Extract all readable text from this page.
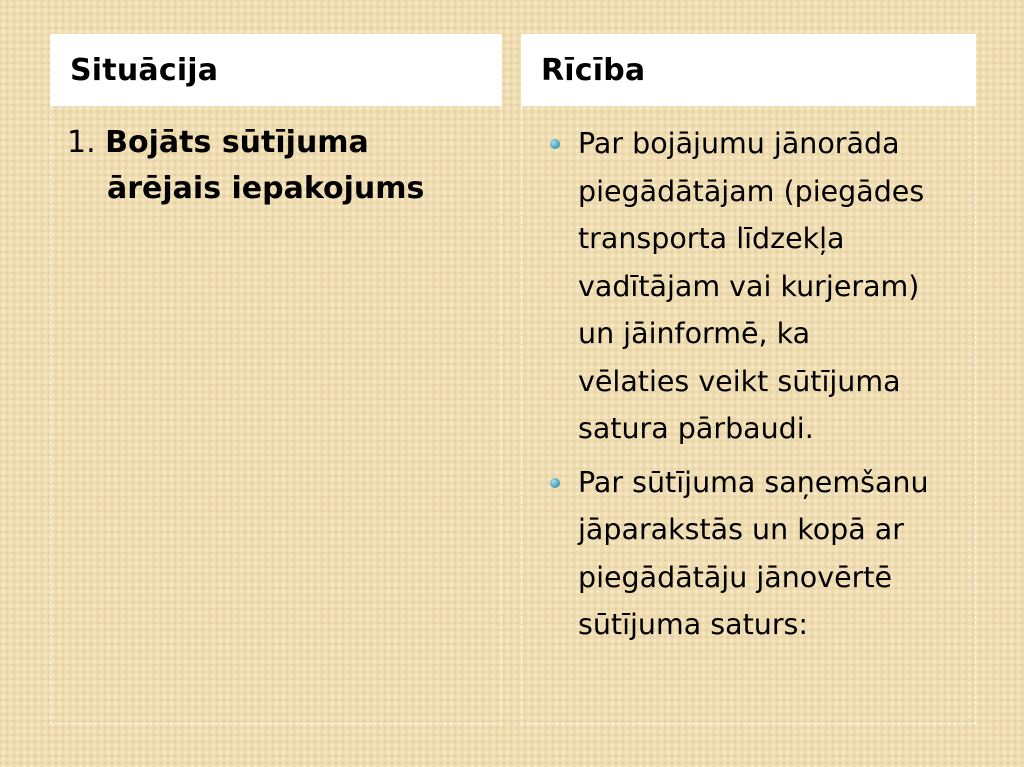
Situācija
1. Bojāts sūtījuma
ārējais iepakojums
Rīcība
Par bojājumu jānorāda
piegādātājam (piegādes
transporta līdzekļa
vadītājam vai kurjeram)
un jāinformē, ka
vēlaties veikt sūtījuma
satura pārbaudi.
Par sūtījuma saņemšanu
jāparakstās un kopā ar
piegādātāju jānovērtē
sūtījuma saturs:
